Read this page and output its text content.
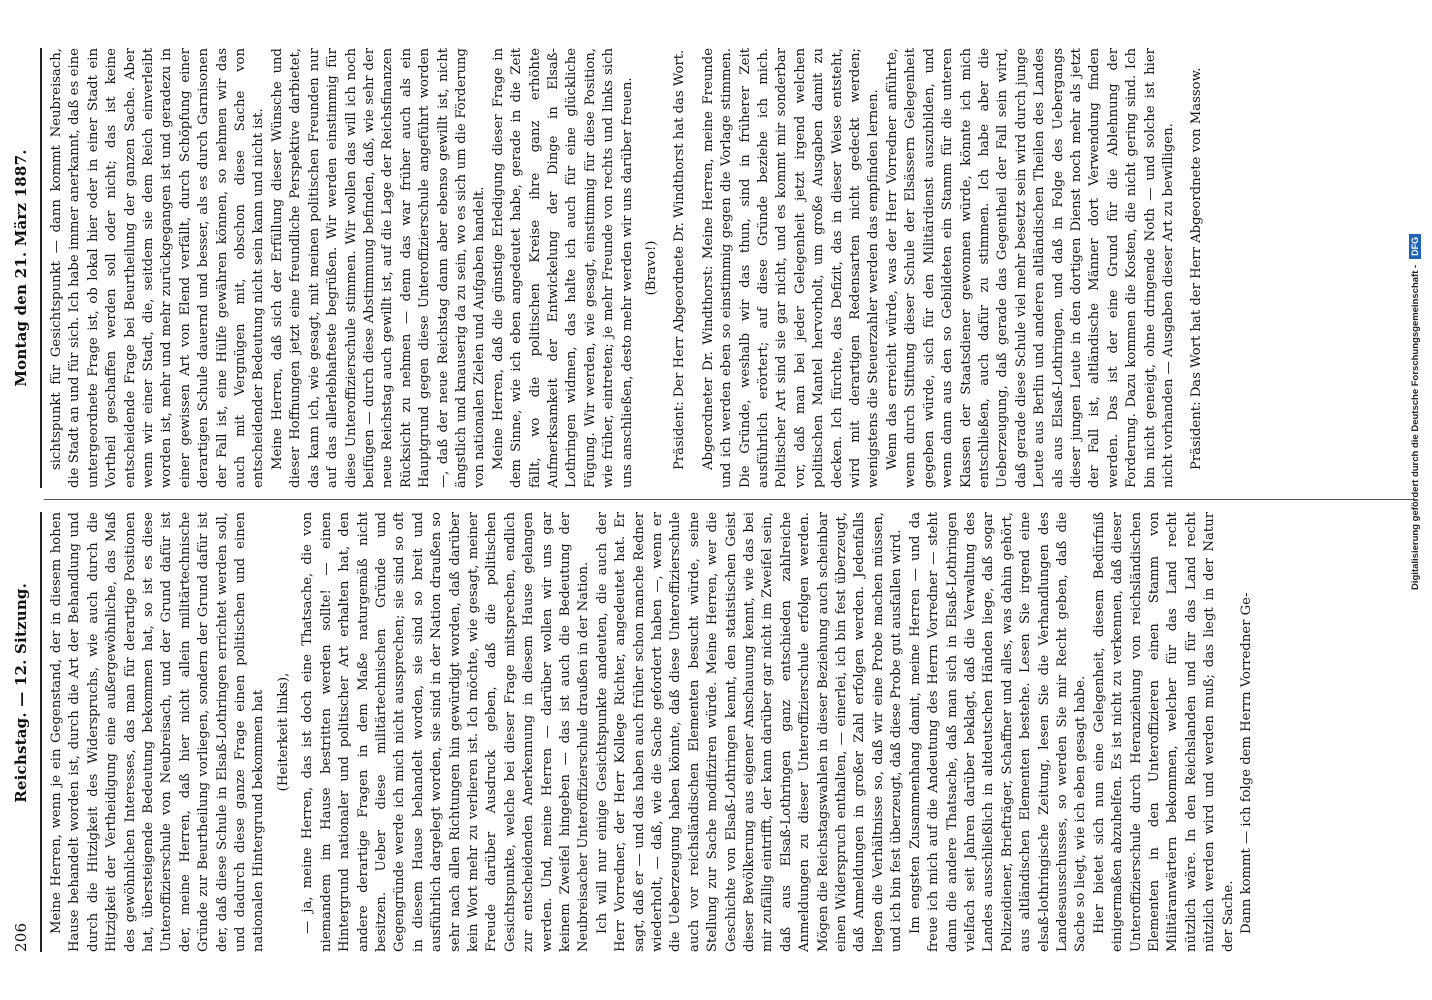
206
Reichstag. — 12. Sitzung.
Montag den 21. März 1887.

Meine Herren, wenn je ein Gegenstand, der in diesem hohen Hause behandelt worden ist, durch die Art der Behandlung und durch die Hitzigkeit des Widerspruchs, wie auch durch die Hitzigkeit der Vertheidigung eine außergewöhnliche, das Maß des gewöhnlichen Interesses, das man für derartige Positionen hat, übersteigende Bedeutung bekommen hat, so ist es diese Unteroffizierschule von Neubreisach, und der Grund dafür ist der, meine Herren, daß hier nicht allein militärtechnische Gründe zur Beurtheilung vorliegen, sondern der Grund dafür ist der, daß diese Schule in Elsaß-Lothringen errichtet werden soll, und dadurch diese ganze Frage einen politischen und einen nationalen Hintergrund bekommen hat (Heiterkeit links), — ja, meine Herren, das ist doch eine Thatsache, die von niemandem im Hause bestritten werden sollte! — einen Hintergrund nationaler und politischer Art erhalten hat, den andere derartige Fragen in dem Maße naturgemäß nicht besitzen. Ueber diese militärtechnischen Gründe und Gegengründe werde ich mich nicht aussprechen; sie sind so oft in diesem Hause behandelt worden, sie sind so breit und ausführlich dargelegt worden, sie sind in der Nation draußen so sehr nach allen Richtungen hin gewürdigt worden, daß darüber kein Wort mehr zu verlieren ist. Ich möchte, wie gesagt, meiner Freude darüber Ausdruck geben, daß die politischen Gesichtspunkte, welche bei dieser Frage mitsprechen, endlich zur entscheidenden Anerkennung in diesem Hause gelangen werden. Und, meine Herren — darüber wollen wir uns gar keinem Zweifel hingeben — das ist auch die Bedeutung der Neubreisacher Unteroffizierschule draußen in der Nation. Ich will nur einige Gesichtspunkte andeuten, die auch der Herr Vorredner, der Herr Kollege Richter, angedeutet hat. Er sagt, daß er — und das haben auch früher schon manche Redner wiederholt, — daß, wie die Sache gefordert haben —, wenn er die Ueberzeugung haben könnte, daß diese Unteroffizierschule auch vor reichsländischen Elementen besucht würde, seine Stellung zur Sache modifiziren würde. Meine Herren, wer die Geschichte von Elsaß-Lothringen kennt, den statistischen Geist dieser Bevölkerung aus eigener Anschauung kennt, wie das bei mir zufällig eintrifft, der kann darüber gar nicht im Zweifel sein, daß aus Elsaß-Lothringen ganz entschieden zahlreiche Anmeldungen zu dieser Unteroffizierschule erfolgen werden. Mögen die Reichstagswahlen in dieser Beziehung auch scheinbar einen Widerspruch enthalten, — einerlei, ich bin fest überzeugt, daß Anmeldungen in großer Zahl erfolgen werden. Jedenfalls liegen die Verhältnisse so, daß wir eine Probe machen müssen, und ich bin fest überzeugt, daß diese Probe gut ausfallen wird. Im engsten Zusammenhang damit, meine Herren — und da freue ich mich auf die Andeutung des Herrn Vorredner — steht dann die andere Thatsache, daß man sich in Elsaß-Lothringen vielfach seit Jahren darüber beklagt, daß die Verwaltung des Landes ausschließlich in altdeutschen Händen liege, daß sogar Polizeidiener, Briefträger, Schaffner und alles, was dahin gehört, aus altländischen Elementen bestehe. Lesen Sie irgend eine elsaß-lothringische Zeitung, lesen Sie die Verhandlungen des Landesausschusses, so werden Sie mir Recht geben, daß die Sache so liegt, wie ich eben gesagt habe. Hier bietet sich nun eine Gelegenheit, diesem Bedürfniß einigermaßen abzuhelfen. Es ist nicht zu verkennen, daß dieser Unteroffizierschule durch Heranziehung von reichsländischen Elementen in den Unteroffizieren einen Stamm von Militäranwärtern bekommen, welcher für das Land recht nützlich wäre. In den Reichslanden und für das Land recht nützlich werden wird und werden muß; das liegt in der Natur der Sache. Dann kommt — ich folge dem Herrn Vorredner Ge-

sichtspunkt für Gesichtspunkt — dann kommt Neubreisach, die Stadt an und für sich. Ich habe immer anerkannt, daß es eine untergeordnete Frage ist, ob lokal hier oder in einer Stadt ein Vortheil geschaffen werden soll oder nicht; das ist keine entscheidende Frage bei Beurtheilung der ganzen Sache. Aber wenn wir einer Stadt, die, seitdem sie dem Reich einverleibt worden ist, mehr und mehr zurückgegangen ist und geradezu in einer gewissen Art von Elend verfällt, durch Schöpfung einer derartigen Schule dauernd und besser, als es durch Garnisonen der Fall ist, eine Hülfe gewähren können, so nehmen wir das auch mit Vergnügen mit, obschon diese Sache von entscheidender Bedeutung nicht sein kann und nicht ist. Meine Herren, daß sich der Erfüllung dieser Wünsche und dieser Hoffnungen jetzt eine freundliche Perspektive darbietet, das kann ich, wie gesagt, mit meinen politischen Freunden nur auf das allerlebhafteste begrüßen. Wir werden einstimmig für diese Unteroffizierschule stimmen. Wir wollen das will ich noch beifügen — durch diese Abstimmung befinden, daß, wie sehr der neue Reichstag auch gewillt ist, auf die Lage der Reichsfinanzen Rücksicht zu nehmen — denn das war früher auch als ein Hauptgrund gegen diese Unteroffizierschule angeführt worden —, daß der neue Reichstag dann aber ebenso gewillt ist, nicht ängstlich und knauserig da zu sein, wo es sich um die Förderung von nationalen Zielen und Aufgaben handelt. Meine Herren, daß die günstige Erledigung dieser Frage in dem Sinne, wie ich eben angedeutet habe, gerade in die Zeit fällt, wo die politischen Kreise ihre ganz erhöhte Aufmerksamkeit der Entwickelung der Dinge in Elsaß-Lothringen widmen, das halte ich auch für eine glückliche Fügung. Wir werden, wie gesagt, einstimmig für diese Position, wie früher, eintreten; je mehr Freunde von rechts und links sich uns anschließen, desto mehr werden wir uns darüber freuen. (Bravo!) Präsident: Der Herr Abgeordnete Dr. Windthorst hat das Wort. Abgeordneter Dr. Windthorst: Meine Herren, meine Freunde und ich werden eben so einstimmig gegen die Vorlage stimmen. Die Gründe, weshalb wir das thun, sind in früherer Zeit ausführlich erörtert; auf diese Gründe beziehe ich mich. Politischer Art sind sie gar nicht, und es kommt mir sonderbar vor, daß man bei jeder Gelegenheit jetzt irgend welchen politischen Mantel hervorholt, um große Ausgaben damit zu decken. Ich fürchte, das Defizit, das in dieser Weise entsteht, wird mit derartigen Redensarten nicht gedeckt werden; wenigstens die Steuerzahler werden das empfinden lernen. Wenn das erreicht würde, was der Herr Vorredner anführte, wenn durch Stiftung dieser Schule der Elsässern Gelegenheit gegeben würde, sich für den Militärdienst auszubilden, und wenn dann aus den so Gebildeten ein Stamm für die unteren Klassen der Staatsdiener gewonnen würde, könnte ich mich entschließen, auch dafür zu stimmen. Ich habe aber die Ueberzeugung, daß gerade das Gegentheil der Fall sein wird, daß gerade diese Schule viel mehr besetzt sein wird durch junge Leute aus Berlin und anderen altländischen Theilen des Landes als aus Elsaß-Lothringen, und daß in Folge des Uebergangs dieser jungen Leute in den dortigen Dienst noch mehr als jetzt der Fall ist, altländische Männer dort Verwendung finden werden. Das ist der eine Grund für die Ablehnung der Forderung. Dazu kommen die Kosten, die nicht gering sind. Ich bin nicht geneigt, ohne dringende Noth — und solche ist hier nicht vorhanden — Ausgaben dieser Art zu bewilligen. Präsident: Das Wort hat der Herr Abgeordnete von Massow.	Digitalisierung gefördert durch die Deutsche Forschungsgemeinschaft -
DFG
